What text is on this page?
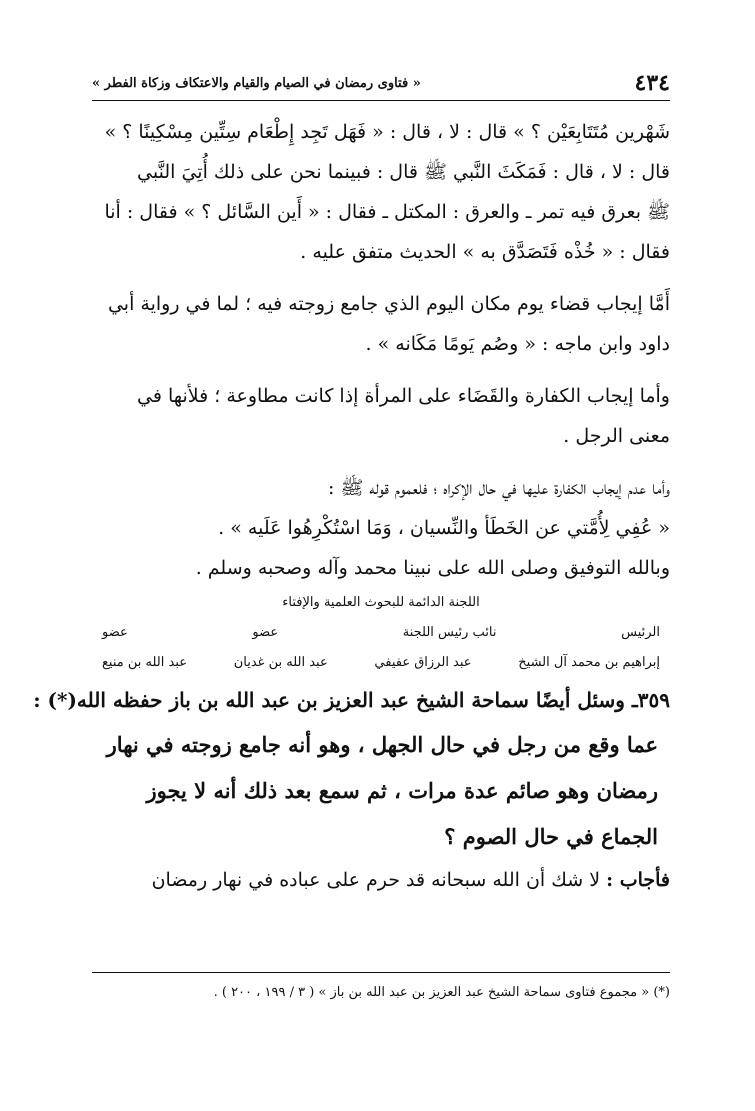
٤٣٤
« فتاوى رمضان في الصيام والقيام والاعتكاف وزكاة الفطر »
شَهْرين مُتَتَابِعَيْن ؟ » قال : لا ، قال : « فَهَل تَجِد إِطْعَام سِتِّين مِسْكِينًا ؟ »
قال : لا ، قال : فَمَكَثَ النَّبي ﷺ قال : فبينما نحن على ذلك أُتِيَ النَّبي
ﷺ بعرق فيه تمر ـ والعرق : المكتل ـ فقال : « أَين السَّائل ؟ » فقال : أنا
فقال : « خُذْه فَتَصَدَّق به » الحديث متفق عليه .
أَمَّا إيجاب قضاء يوم مكان اليوم الذي جامع زوجته فيه ؛ لما في رواية أبي
داود وابن ماجه : « وصُم يَومًا مَكَانه » .
وأما إيجاب الكفارة والقَضَاء على المرأة إذا كانت مطاوعة ؛ فلأنها في
معنى الرجل .
وأما عدم إيجاب الكفارة عليها في حال الإكراه ؛ فلعموم قوله ﷺ :
« عُفِي لِأُمَّتي عن الخَطَأ والنِّسيان ، وَمَا اسْتُكْرِهُوا عَلَيه » .
وبالله التوفيق وصلى الله على نبينا محمد وآله وصحبه وسلم .
اللجنة الدائمة للبحوث العلمية والإفتاء
الرئيس
نائب رئيس اللجنة
عضو
عضو
إبراهيم بن محمد آل الشيخ
عبد الرزاق عفيفي
عبد الله بن غديان
عبد الله بن منيع
٣٥٩ـ وسئل أيضًا سماحة الشيخ عبد العزيز بن عبد الله بن باز حفظه الله(*) :
عما وقع من رجل في حال الجهل ، وهو أنه جامع زوجته في نهار
رمضان وهو صائم عدة مرات ، ثم سمع بعد ذلك أنه لا يجوز
الجماع في حال الصوم ؟
فأجاب : لا شك أن الله سبحانه قد حرم على عباده في نهار رمضان
(*) « مجموع فتاوى سماحة الشيخ عبد العزيز بن عبد الله بن باز » ( ٣ / ١٩٩ ، ٢٠٠ ) .
